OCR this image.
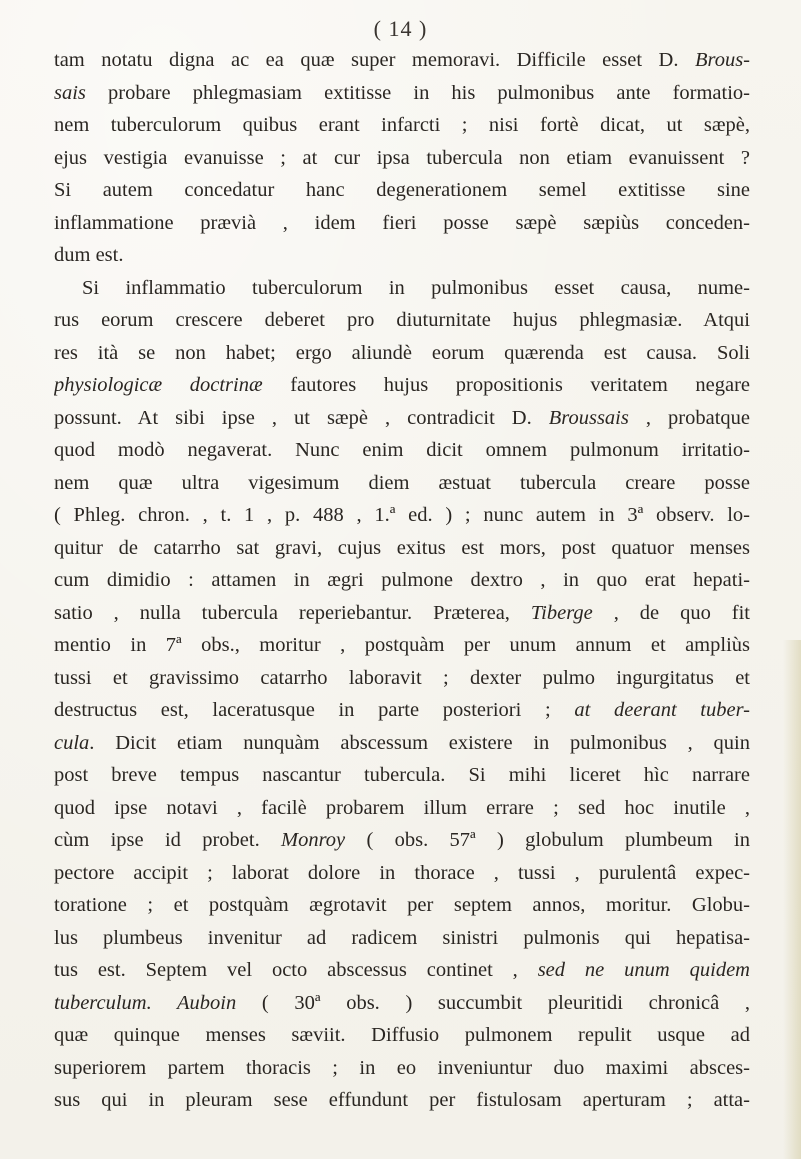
( 14 )
tam notatu digna ac ea quæ super memoravi. Difficile esset D. Brous-
sais probare phlegmasiam extitisse in his pulmonibus ante formatio-
nem tuberculorum quibus erant infarcti ; nisi fortè dicat, ut sæpè,
ejus vestigia evanuisse ; at cur ipsa tubercula non etiam evanuissent ?
Si autem concedatur hanc degenerationem semel extitisse sine
inflammatione prævià , idem fieri posse sæpè sæpiùs conceden-
dum est.
Si inflammatio tuberculorum in pulmonibus esset causa, nume-
rus eorum crescere deberet pro diuturnitate hujus phlegmasiæ. Atqui
res ità se non habet; ergo aliundè eorum quærenda est causa. Soli
physiologicæ doctrinæ fautores hujus propositionis veritatem negare
possunt. At sibi ipse , ut sæpè , contradicit D. Broussais , probatque
quod modò negaverat. Nunc enim dicit omnem pulmonum irritatio-
nem quæ ultra vigesimum diem æstuat tubercula creare posse
( Phleg. chron. , t. 1 , p. 488 , 1.ª ed. ) ; nunc autem in 3ª observ. lo-
quitur de catarrho sat gravi, cujus exitus est mors, post quatuor menses
cum dimidio : attamen in ægri pulmone dextro , in quo erat hepati-
satio , nulla tubercula reperiebantur. Præterea, Tiberge , de quo fit
mentio in 7ª obs., moritur , postquàm per unum annum et ampliùs
tussi et gravissimo catarrho laboravit ; dexter pulmo ingurgitatus et
destructus est, laceratusque in parte posteriori ; at deerant tuber-
cula. Dicit etiam nunquàm abscessum existere in pulmonibus , quin
post breve tempus nascantur tubercula. Si mihi liceret hìc narrare
quod ipse notavi , facilè probarem illum errare ; sed hoc inutile ,
cùm ipse id probet. Monroy ( obs. 57ª ) globulum plumbeum in
pectore accipit ; laborat dolore in thorace , tussi , purulentâ expec-
toratione ; et postquàm ægrotavit per septem annos, moritur. Globu-
lus plumbeus invenitur ad radicem sinistri pulmonis qui hepatisa-
tus est. Septem vel octo abscessus continet , sed ne unum quidem
tuberculum. Auboin ( 30ª obs. ) succumbit pleuritidi chronicâ ,
quæ quinque menses sæviit. Diffusio pulmonem repulit usque ad
superiorem partem thoracis ; in eo inveniuntur duo maximi absces-
sus qui in pleuram sese effundunt per fistulosam aperturam ; atta-
